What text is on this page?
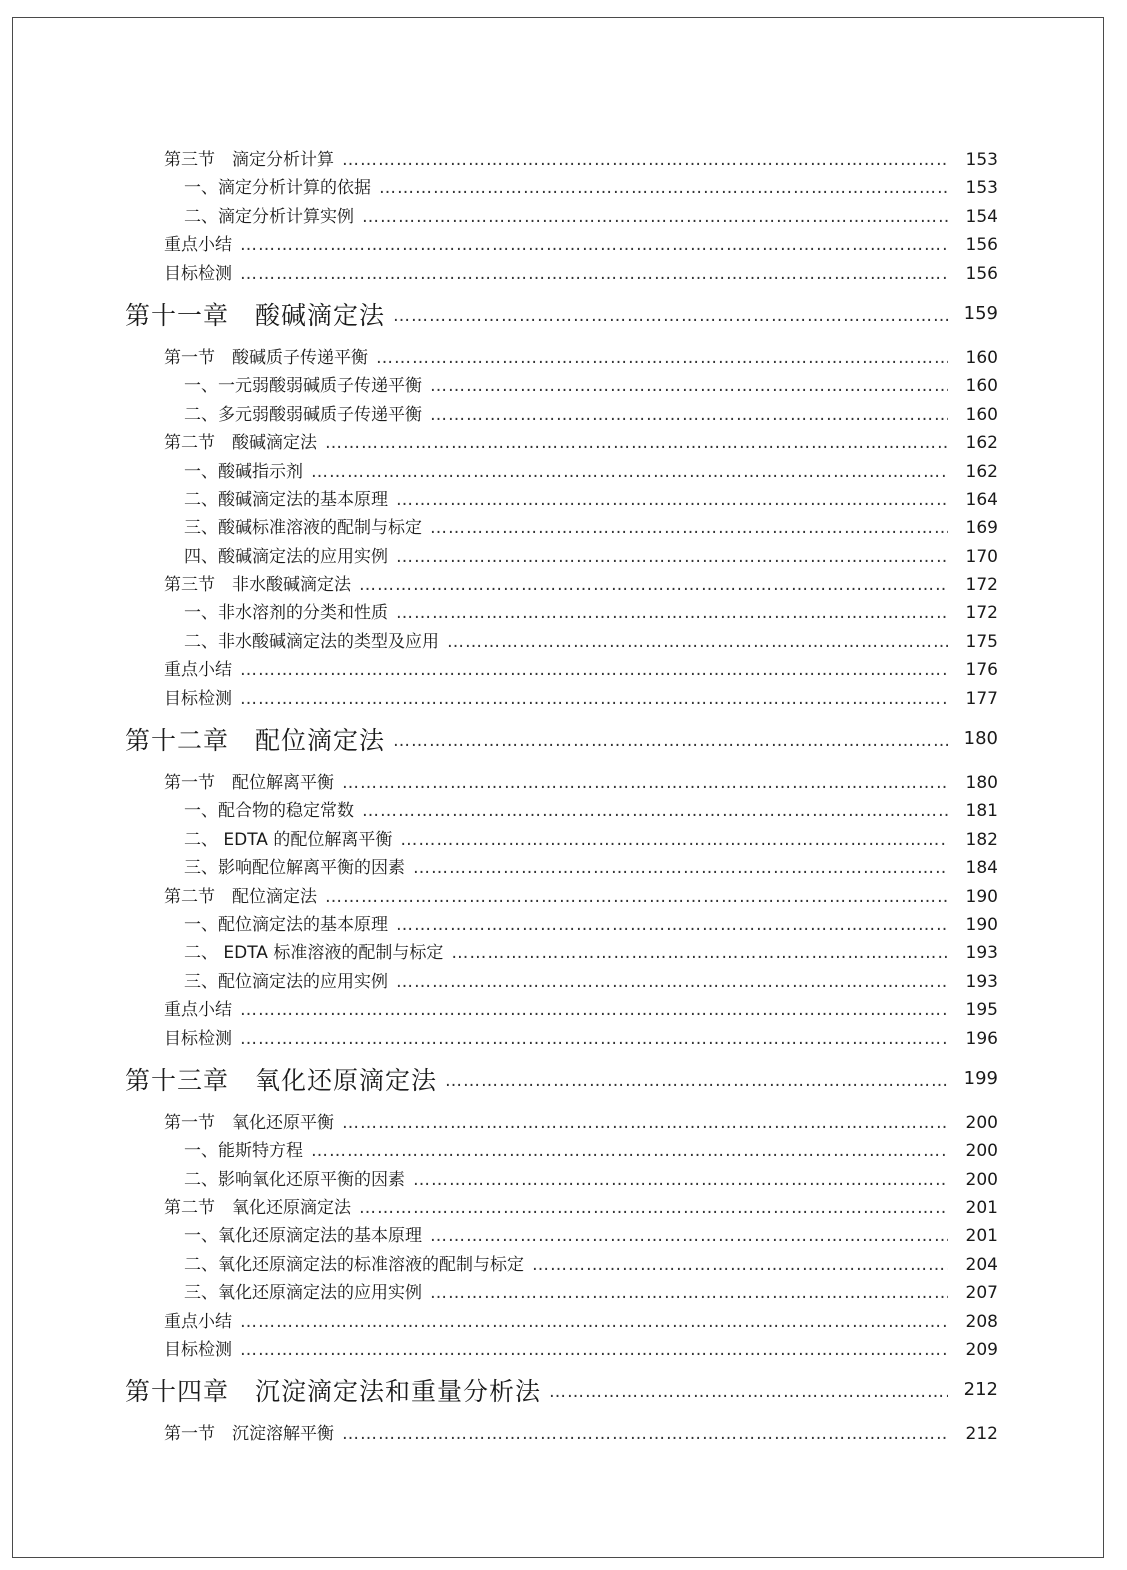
第三节　滴定分析计算 …………………………………………………………………………………………………………………………………………………………………………………………………………………………………………………………	153
一、滴定分析计算的依据 …………………………………………………………………………………………………………………………………………………………………………………………………………………………………………………………	153
二、滴定分析计算实例 …………………………………………………………………………………………………………………………………………………………………………………………………………………………………………………………	154
重点小结 …………………………………………………………………………………………………………………………………………………………………………………………………………………………………………………………	156
目标检测 …………………………………………………………………………………………………………………………………………………………………………………………………………………………………………………………	156
第十一章　酸碱滴定法 …………………………………………………………………………………………………………………………………………………………………………………………………………………………………………………………	159
第一节　酸碱质子传递平衡 …………………………………………………………………………………………………………………………………………………………………………………………………………………………………………………………	160
一、一元弱酸弱碱质子传递平衡 …………………………………………………………………………………………………………………………………………………………………………………………………………………………………………………………	160
二、多元弱酸弱碱质子传递平衡 …………………………………………………………………………………………………………………………………………………………………………………………………………………………………………………………	160
第二节　酸碱滴定法 …………………………………………………………………………………………………………………………………………………………………………………………………………………………………………………………	162
一、酸碱指示剂 …………………………………………………………………………………………………………………………………………………………………………………………………………………………………………………………	162
二、酸碱滴定法的基本原理 …………………………………………………………………………………………………………………………………………………………………………………………………………………………………………………………	164
三、酸碱标准溶液的配制与标定 …………………………………………………………………………………………………………………………………………………………………………………………………………………………………………………………	169
四、酸碱滴定法的应用实例 …………………………………………………………………………………………………………………………………………………………………………………………………………………………………………………………	170
第三节　非水酸碱滴定法 …………………………………………………………………………………………………………………………………………………………………………………………………………………………………………………………	172
一、非水溶剂的分类和性质 …………………………………………………………………………………………………………………………………………………………………………………………………………………………………………………………	172
二、非水酸碱滴定法的类型及应用 …………………………………………………………………………………………………………………………………………………………………………………………………………………………………………………………	175
重点小结 …………………………………………………………………………………………………………………………………………………………………………………………………………………………………………………………	176
目标检测 …………………………………………………………………………………………………………………………………………………………………………………………………………………………………………………………	177
第十二章　配位滴定法 …………………………………………………………………………………………………………………………………………………………………………………………………………………………………………………………	180
第一节　配位解离平衡 …………………………………………………………………………………………………………………………………………………………………………………………………………………………………………………………	180
一、配合物的稳定常数 …………………………………………………………………………………………………………………………………………………………………………………………………………………………………………………………	181
二、 EDTA 的配位解离平衡 …………………………………………………………………………………………………………………………………………………………………………………………………………………………………………………………	182
三、影响配位解离平衡的因素 …………………………………………………………………………………………………………………………………………………………………………………………………………………………………………………………	184
第二节　配位滴定法 …………………………………………………………………………………………………………………………………………………………………………………………………………………………………………………………	190
一、配位滴定法的基本原理 …………………………………………………………………………………………………………………………………………………………………………………………………………………………………………………………	190
二、 EDTA 标准溶液的配制与标定 …………………………………………………………………………………………………………………………………………………………………………………………………………………………………………………………	193
三、配位滴定法的应用实例 …………………………………………………………………………………………………………………………………………………………………………………………………………………………………………………………	193
重点小结 …………………………………………………………………………………………………………………………………………………………………………………………………………………………………………………………	195
目标检测 …………………………………………………………………………………………………………………………………………………………………………………………………………………………………………………………	196
第十三章　氧化还原滴定法 …………………………………………………………………………………………………………………………………………………………………………………………………………………………………………………………	199
第一节　氧化还原平衡 …………………………………………………………………………………………………………………………………………………………………………………………………………………………………………………………	200
一、能斯特方程 …………………………………………………………………………………………………………………………………………………………………………………………………………………………………………………………	200
二、影响氧化还原平衡的因素 …………………………………………………………………………………………………………………………………………………………………………………………………………………………………………………………	200
第二节　氧化还原滴定法 …………………………………………………………………………………………………………………………………………………………………………………………………………………………………………………………	201
一、氧化还原滴定法的基本原理 …………………………………………………………………………………………………………………………………………………………………………………………………………………………………………………………	201
二、氧化还原滴定法的标准溶液的配制与标定 …………………………………………………………………………………………………………………………………………………………………………………………………………………………………………………………	204
三、氧化还原滴定法的应用实例 …………………………………………………………………………………………………………………………………………………………………………………………………………………………………………………………	207
重点小结 …………………………………………………………………………………………………………………………………………………………………………………………………………………………………………………………	208
目标检测 …………………………………………………………………………………………………………………………………………………………………………………………………………………………………………………………	209
第十四章　沉淀滴定法和重量分析法 …………………………………………………………………………………………………………………………………………………………………………………………………………………………………………………………	212
第一节　沉淀溶解平衡 …………………………………………………………………………………………………………………………………………………………………………………………………………………………………………………………	212
